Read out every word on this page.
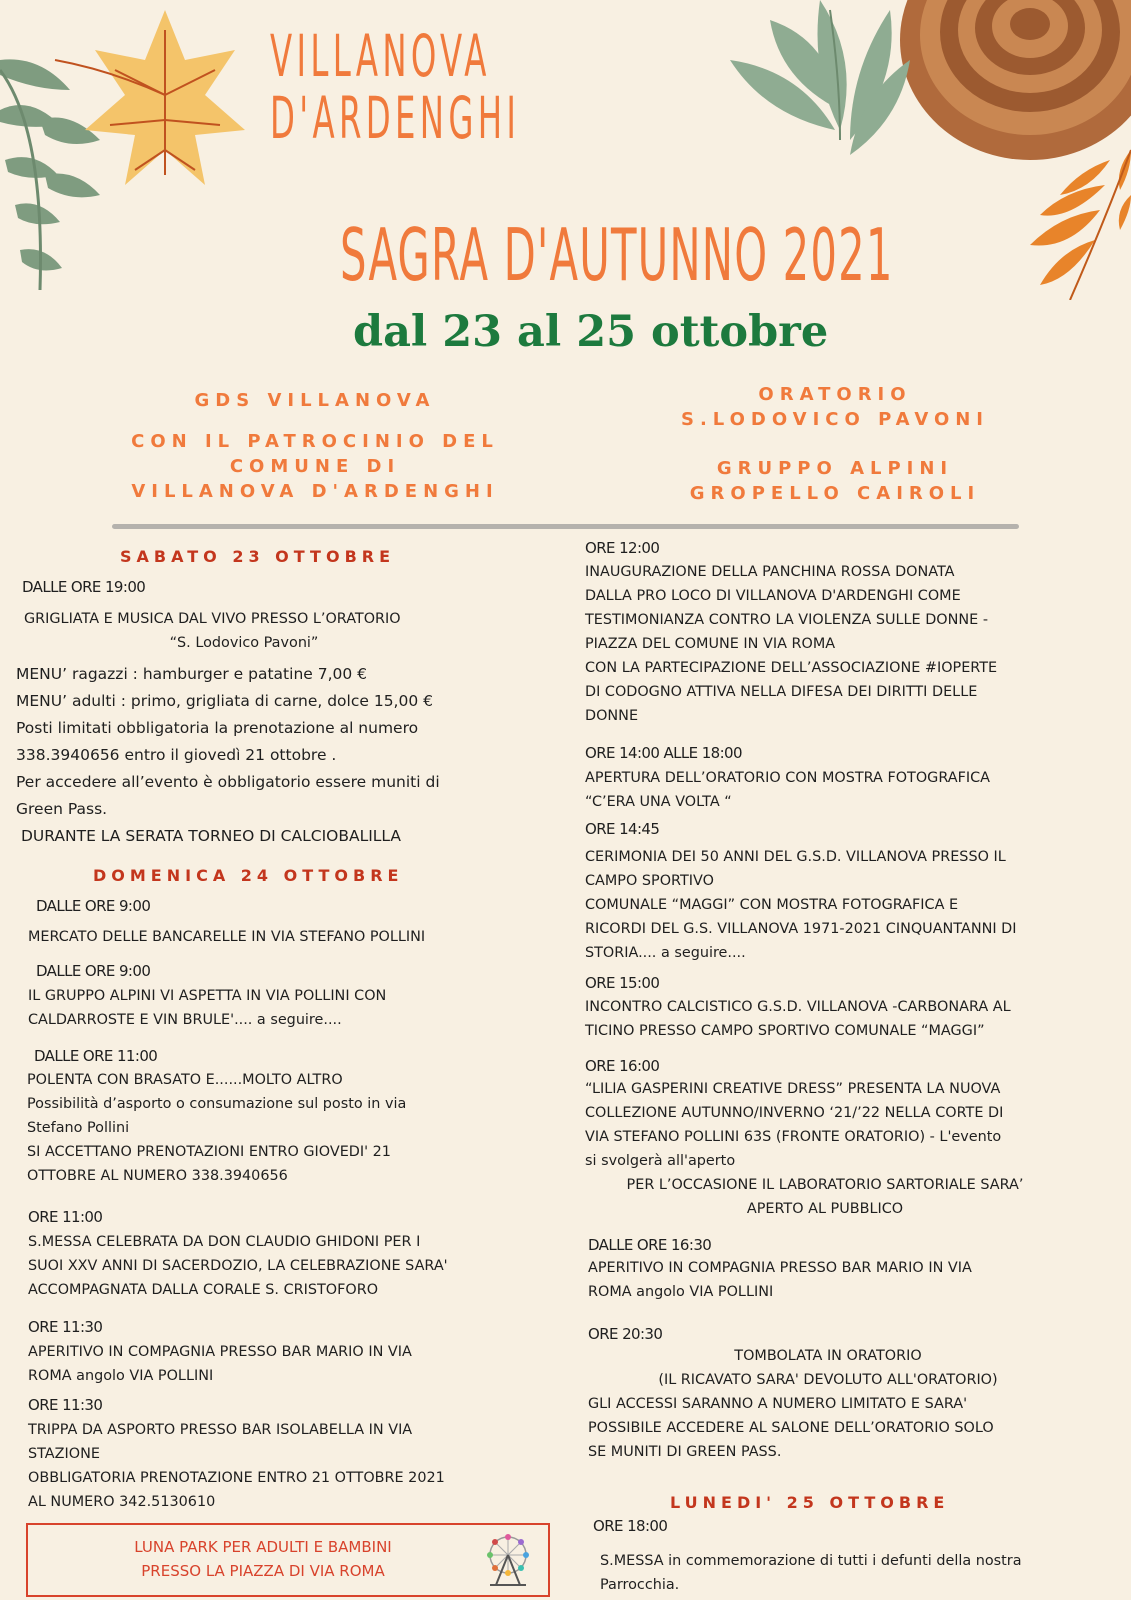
VILLANOVA
D'ARDENGHI
SAGRA D'AUTUNNO 2021
dal 23 al 25 ottobre
GDS VILLANOVA
CON IL PATROCINIO DEL
COMUNE DI
VILLANOVA D'ARDENGHI
ORATORIO
S.LODOVICO PAVONI
GRUPPO ALPINI
GROPELLO CAIROLI
SABATO 23 OTTOBRE
DALLE ORE 19:00
GRIGLIATA E MUSICA DAL VIVO PRESSO L’ORATORIO
“S. Lodovico Pavoni”
MENU’ ragazzi : hamburger e patatine 7,00 €
MENU’ adulti : primo, grigliata di carne, dolce 15,00 €
Posti limitati obbligatoria la prenotazione al numero
338.3940656 entro il giovedì 21 ottobre .
Per accedere all’evento è obbligatorio essere muniti di
Green Pass.
DURANTE LA SERATA TORNEO DI CALCIOBALILLA
DOMENICA 24 OTTOBRE
DALLE ORE 9:00
MERCATO DELLE BANCARELLE IN VIA STEFANO POLLINI
DALLE ORE 9:00
IL GRUPPO ALPINI VI ASPETTA IN VIA POLLINI CON
CALDARROSTE E VIN BRULE'.... a seguire....
DALLE ORE 11:00
POLENTA CON BRASATO E......MOLTO ALTRO
Possibilità d’asporto o consumazione sul posto in via
Stefano Pollini
SI ACCETTANO PRENOTAZIONI ENTRO GIOVEDI' 21
OTTOBRE AL NUMERO 338.3940656
ORE 11:00
S.MESSA CELEBRATA DA DON CLAUDIO GHIDONI PER I
SUOI XXV ANNI DI SACERDOZIO, LA CELEBRAZIONE SARA'
ACCOMPAGNATA DALLA CORALE S. CRISTOFORO
ORE 11:30
APERITIVO IN COMPAGNIA PRESSO BAR MARIO IN VIA
ROMA angolo VIA POLLINI
ORE 11:30
TRIPPA DA ASPORTO PRESSO BAR ISOLABELLA IN VIA
STAZIONE
OBBLIGATORIA PRENOTAZIONE ENTRO 21 OTTOBRE 2021
AL NUMERO 342.5130610
LUNA PARK PER ADULTI E BAMBINI
PRESSO LA PIAZZA DI VIA ROMA
ORE 12:00
INAUGURAZIONE DELLA PANCHINA ROSSA DONATA
DALLA PRO LOCO DI VILLANOVA D'ARDENGHI COME
TESTIMONIANZA CONTRO LA VIOLENZA SULLE DONNE -
PIAZZA DEL COMUNE IN VIA ROMA
CON LA PARTECIPAZIONE DELL’ASSOCIAZIONE #IOPERTE
DI CODOGNO ATTIVA NELLA DIFESA DEI DIRITTI DELLE
DONNE
ORE 14:00 ALLE 18:00
APERTURA DELL’ORATORIO CON MOSTRA FOTOGRAFICA
“C’ERA UNA VOLTA “
ORE 14:45
CERIMONIA DEI 50 ANNI DEL G.S.D. VILLANOVA PRESSO IL
CAMPO SPORTIVO
COMUNALE “MAGGI” CON MOSTRA FOTOGRAFICA E
RICORDI DEL G.S. VILLANOVA 1971-2021 CINQUANTANNI DI
STORIA.... a seguire....
ORE 15:00
INCONTRO CALCISTICO G.S.D. VILLANOVA -CARBONARA AL
TICINO PRESSO CAMPO SPORTIVO COMUNALE “MAGGI”
ORE 16:00
“LILIA GASPERINI CREATIVE DRESS” PRESENTA LA NUOVA
COLLEZIONE AUTUNNO/INVERNO ‘21/’22 NELLA CORTE DI
VIA STEFANO POLLINI 63S (FRONTE ORATORIO) - L'evento
si svolgerà all'aperto
PER L’OCCASIONE IL LABORATORIO SARTORIALE SARA’
APERTO AL PUBBLICO
DALLE ORE 16:30
APERITIVO IN COMPAGNIA PRESSO BAR MARIO IN VIA
ROMA angolo VIA POLLINI
ORE 20:30
TOMBOLATA IN ORATORIO
(IL RICAVATO SARA' DEVOLUTO ALL'ORATORIO)
GLI ACCESSI SARANNO A NUMERO LIMITATO E SARA'
POSSIBILE ACCEDERE AL SALONE DELL’ORATORIO SOLO
SE MUNITI DI GREEN PASS.
LUNEDI' 25 OTTOBRE
ORE 18:00
S.MESSA in commemorazione di tutti i defunti della nostra
Parrocchia.
